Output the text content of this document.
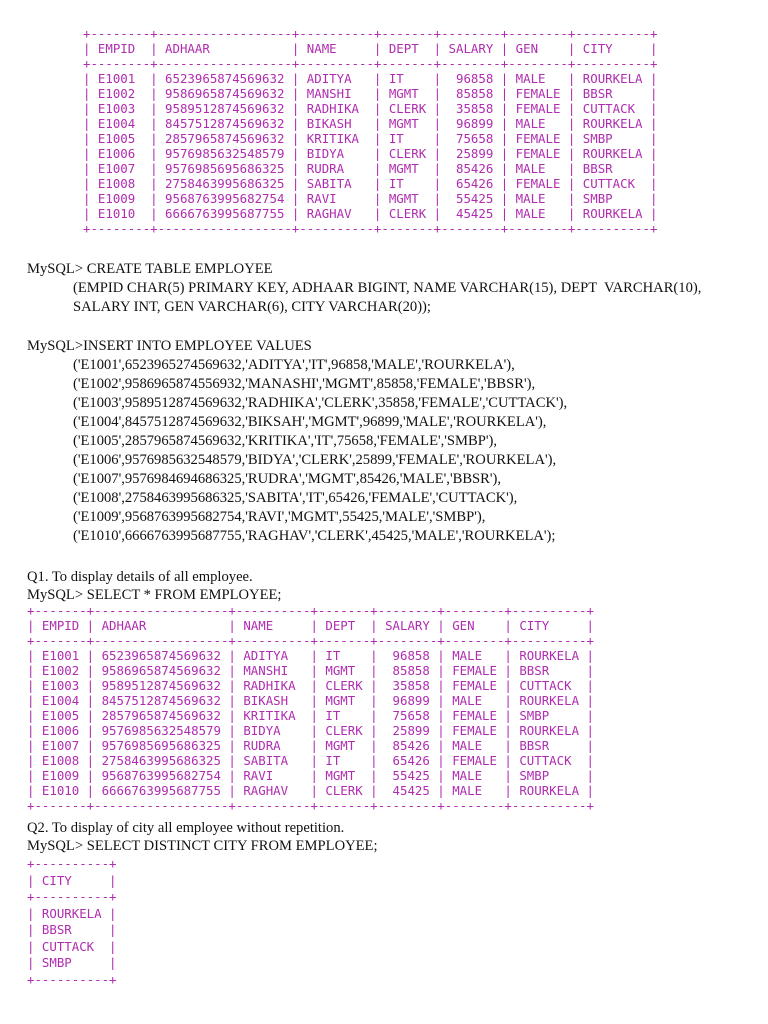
+--------+------------------+----------+-------+--------+--------+----------+
| EMPID  | ADHAAR           | NAME     | DEPT  | SALARY | GEN    | CITY     |
+--------+------------------+----------+-------+--------+--------+----------+
| E1001  | 6523965874569632 | ADITYA   | IT    |  96858 | MALE   | ROURKELA |
| E1002  | 9586965874569632 | MANSHI   | MGMT  |  85858 | FEMALE | BBSR     |
| E1003  | 9589512874569632 | RADHIKA  | CLERK |  35858 | FEMALE | CUTTACK  |
| E1004  | 8457512874569632 | BIKASH   | MGMT  |  96899 | MALE   | ROURKELA |
| E1005  | 2857965874569632 | KRITIKA  | IT    |  75658 | FEMALE | SMBP     |
| E1006  | 9576985632548579 | BIDYA    | CLERK |  25899 | FEMALE | ROURKELA |
| E1007  | 9576985695686325 | RUDRA    | MGMT  |  85426 | MALE   | BBSR     |
| E1008  | 2758463995686325 | SABITA   | IT    |  65426 | FEMALE | CUTTACK  |
| E1009  | 9568763995682754 | RAVI     | MGMT  |  55425 | MALE   | SMBP     |
| E1010  | 6666763995687755 | RAGHAV   | CLERK |  45425 | MALE   | ROURKELA |
+--------+------------------+----------+-------+--------+--------+----------+
MySQL> CREATE TABLE EMPLOYEE
(EMPID CHAR(5) PRIMARY KEY, ADHAAR BIGINT, NAME VARCHAR(15), DEPT  VARCHAR(10),
SALARY INT, GEN VARCHAR(6), CITY VARCHAR(20));
MySQL>INSERT INTO EMPLOYEE VALUES
('E1001',6523965274569632,'ADITYA','IT',96858,'MALE','ROURKELA'),
('E1002',9586965874556932,'MANASHI','MGMT',85858,'FEMALE','BBSR'),
('E1003',9589512874569632,'RADHIKA','CLERK',35858,'FEMALE','CUTTACK'),
('E1004',8457512874569632,'BIKSAH','MGMT',96899,'MALE','ROURKELA'),
('E1005',2857965874569632,'KRITIKA','IT',75658,'FEMALE','SMBP'),
('E1006',9576985632548579,'BIDYA','CLERK',25899,'FEMALE','ROURKELA'),
('E1007',9576984694686325,'RUDRA','MGMT',85426,'MALE','BBSR'),
('E1008',2758463995686325,'SABITA','IT',65426,'FEMALE','CUTTACK'),
('E1009',9568763995682754,'RAVI','MGMT',55425,'MALE','SMBP'),
('E1010',6666763995687755,'RAGHAV','CLERK',45425,'MALE','ROURKELA');
Q1. To display details of all employee.
MySQL> SELECT * FROM EMPLOYEE;
+-------+------------------+----------+-------+--------+--------+----------+
| EMPID | ADHAAR           | NAME     | DEPT  | SALARY | GEN    | CITY     |
+-------+------------------+----------+-------+--------+--------+----------+
| E1001 | 6523965874569632 | ADITYA   | IT    |  96858 | MALE   | ROURKELA |
| E1002 | 9586965874569632 | MANSHI   | MGMT  |  85858 | FEMALE | BBSR     |
| E1003 | 9589512874569632 | RADHIKA  | CLERK |  35858 | FEMALE | CUTTACK  |
| E1004 | 8457512874569632 | BIKASH   | MGMT  |  96899 | MALE   | ROURKELA |
| E1005 | 2857965874569632 | KRITIKA  | IT    |  75658 | FEMALE | SMBP     |
| E1006 | 9576985632548579 | BIDYA    | CLERK |  25899 | FEMALE | ROURKELA |
| E1007 | 9576985695686325 | RUDRA    | MGMT  |  85426 | MALE   | BBSR     |
| E1008 | 2758463995686325 | SABITA   | IT    |  65426 | FEMALE | CUTTACK  |
| E1009 | 9568763995682754 | RAVI     | MGMT  |  55425 | MALE   | SMBP     |
| E1010 | 6666763995687755 | RAGHAV   | CLERK |  45425 | MALE   | ROURKELA |
+-------+------------------+----------+-------+--------+--------+----------+
Q2. To display of city all employee without repetition.
MySQL> SELECT DISTINCT CITY FROM EMPLOYEE;
+----------+
| CITY     |
+----------+
| ROURKELA |
| BBSR     |
| CUTTACK  |
| SMBP     |
+----------+
